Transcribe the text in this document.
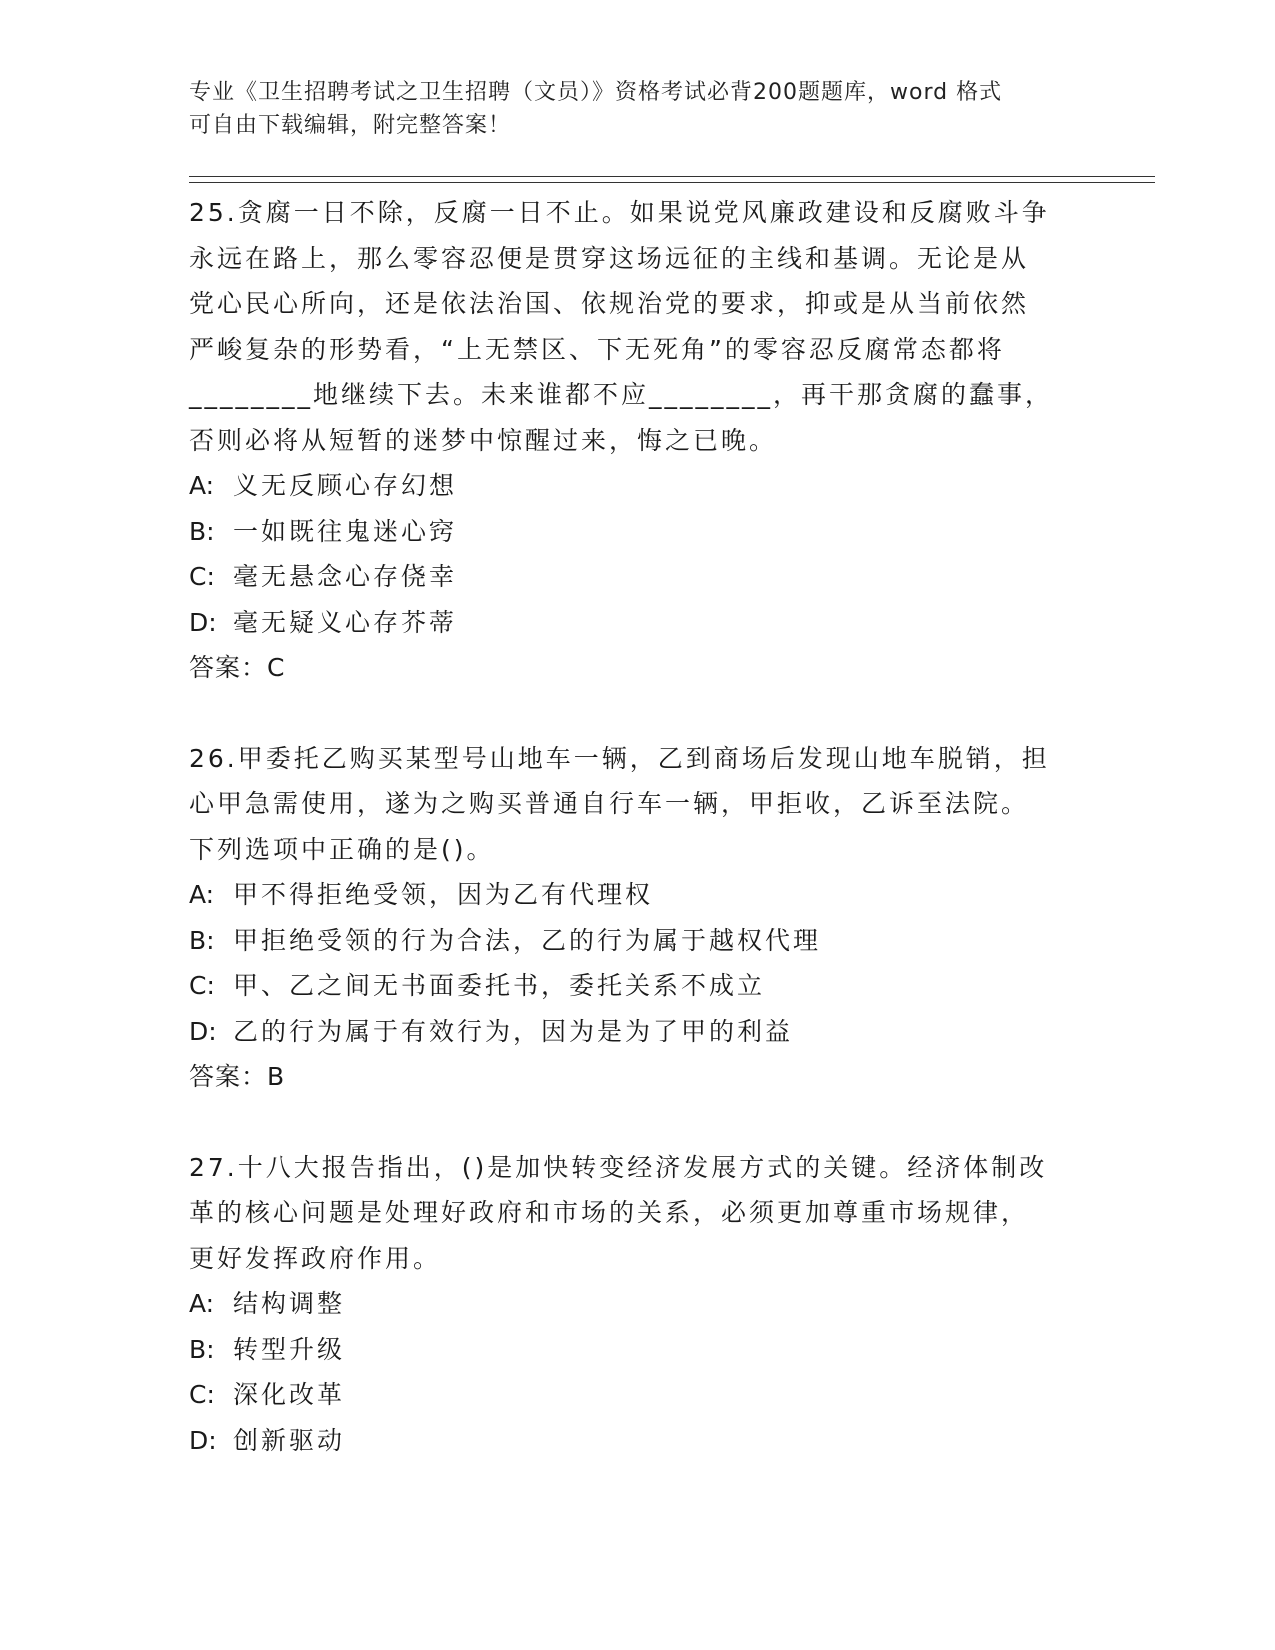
专业《卫生招聘考试之卫生招聘（文员）》资格考试必背200题题库，word 格式
可自由下载编辑，附完整答案！

25.贪腐一日不除，反腐一日不止。如果说党风廉政建设和反腐败斗争

永远在路上，那么零容忍便是贯穿这场远征的主线和基调。无论是从

党心民心所向，还是依法治国、依规治党的要求，抑或是从当前依然

严峻复杂的形势看，“上无禁区、下无死角”的零容忍反腐常态都将

________地继续下去。未来谁都不应________，再干那贪腐的蠢事，

否则必将从短暂的迷梦中惊醒过来，悔之已晚。

A: 义无反顾心存幻想

B: 一如既往鬼迷心窍

C: 毫无悬念心存侥幸

D: 毫无疑义心存芥蒂

答案：C

26.甲委托乙购买某型号山地车一辆，乙到商场后发现山地车脱销，担

心甲急需使用，遂为之购买普通自行车一辆，甲拒收，乙诉至法院。

下列选项中正确的是()。

A: 甲不得拒绝受领，因为乙有代理权

B: 甲拒绝受领的行为合法，乙的行为属于越权代理

C: 甲、乙之间无书面委托书，委托关系不成立

D: 乙的行为属于有效行为，因为是为了甲的利益

答案：B

27.十八大报告指出，()是加快转变经济发展方式的关键。经济体制改

革的核心问题是处理好政府和市场的关系，必须更加尊重市场规律，

更好发挥政府作用。

A: 结构调整

B: 转型升级

C: 深化改革

D: 创新驱动
